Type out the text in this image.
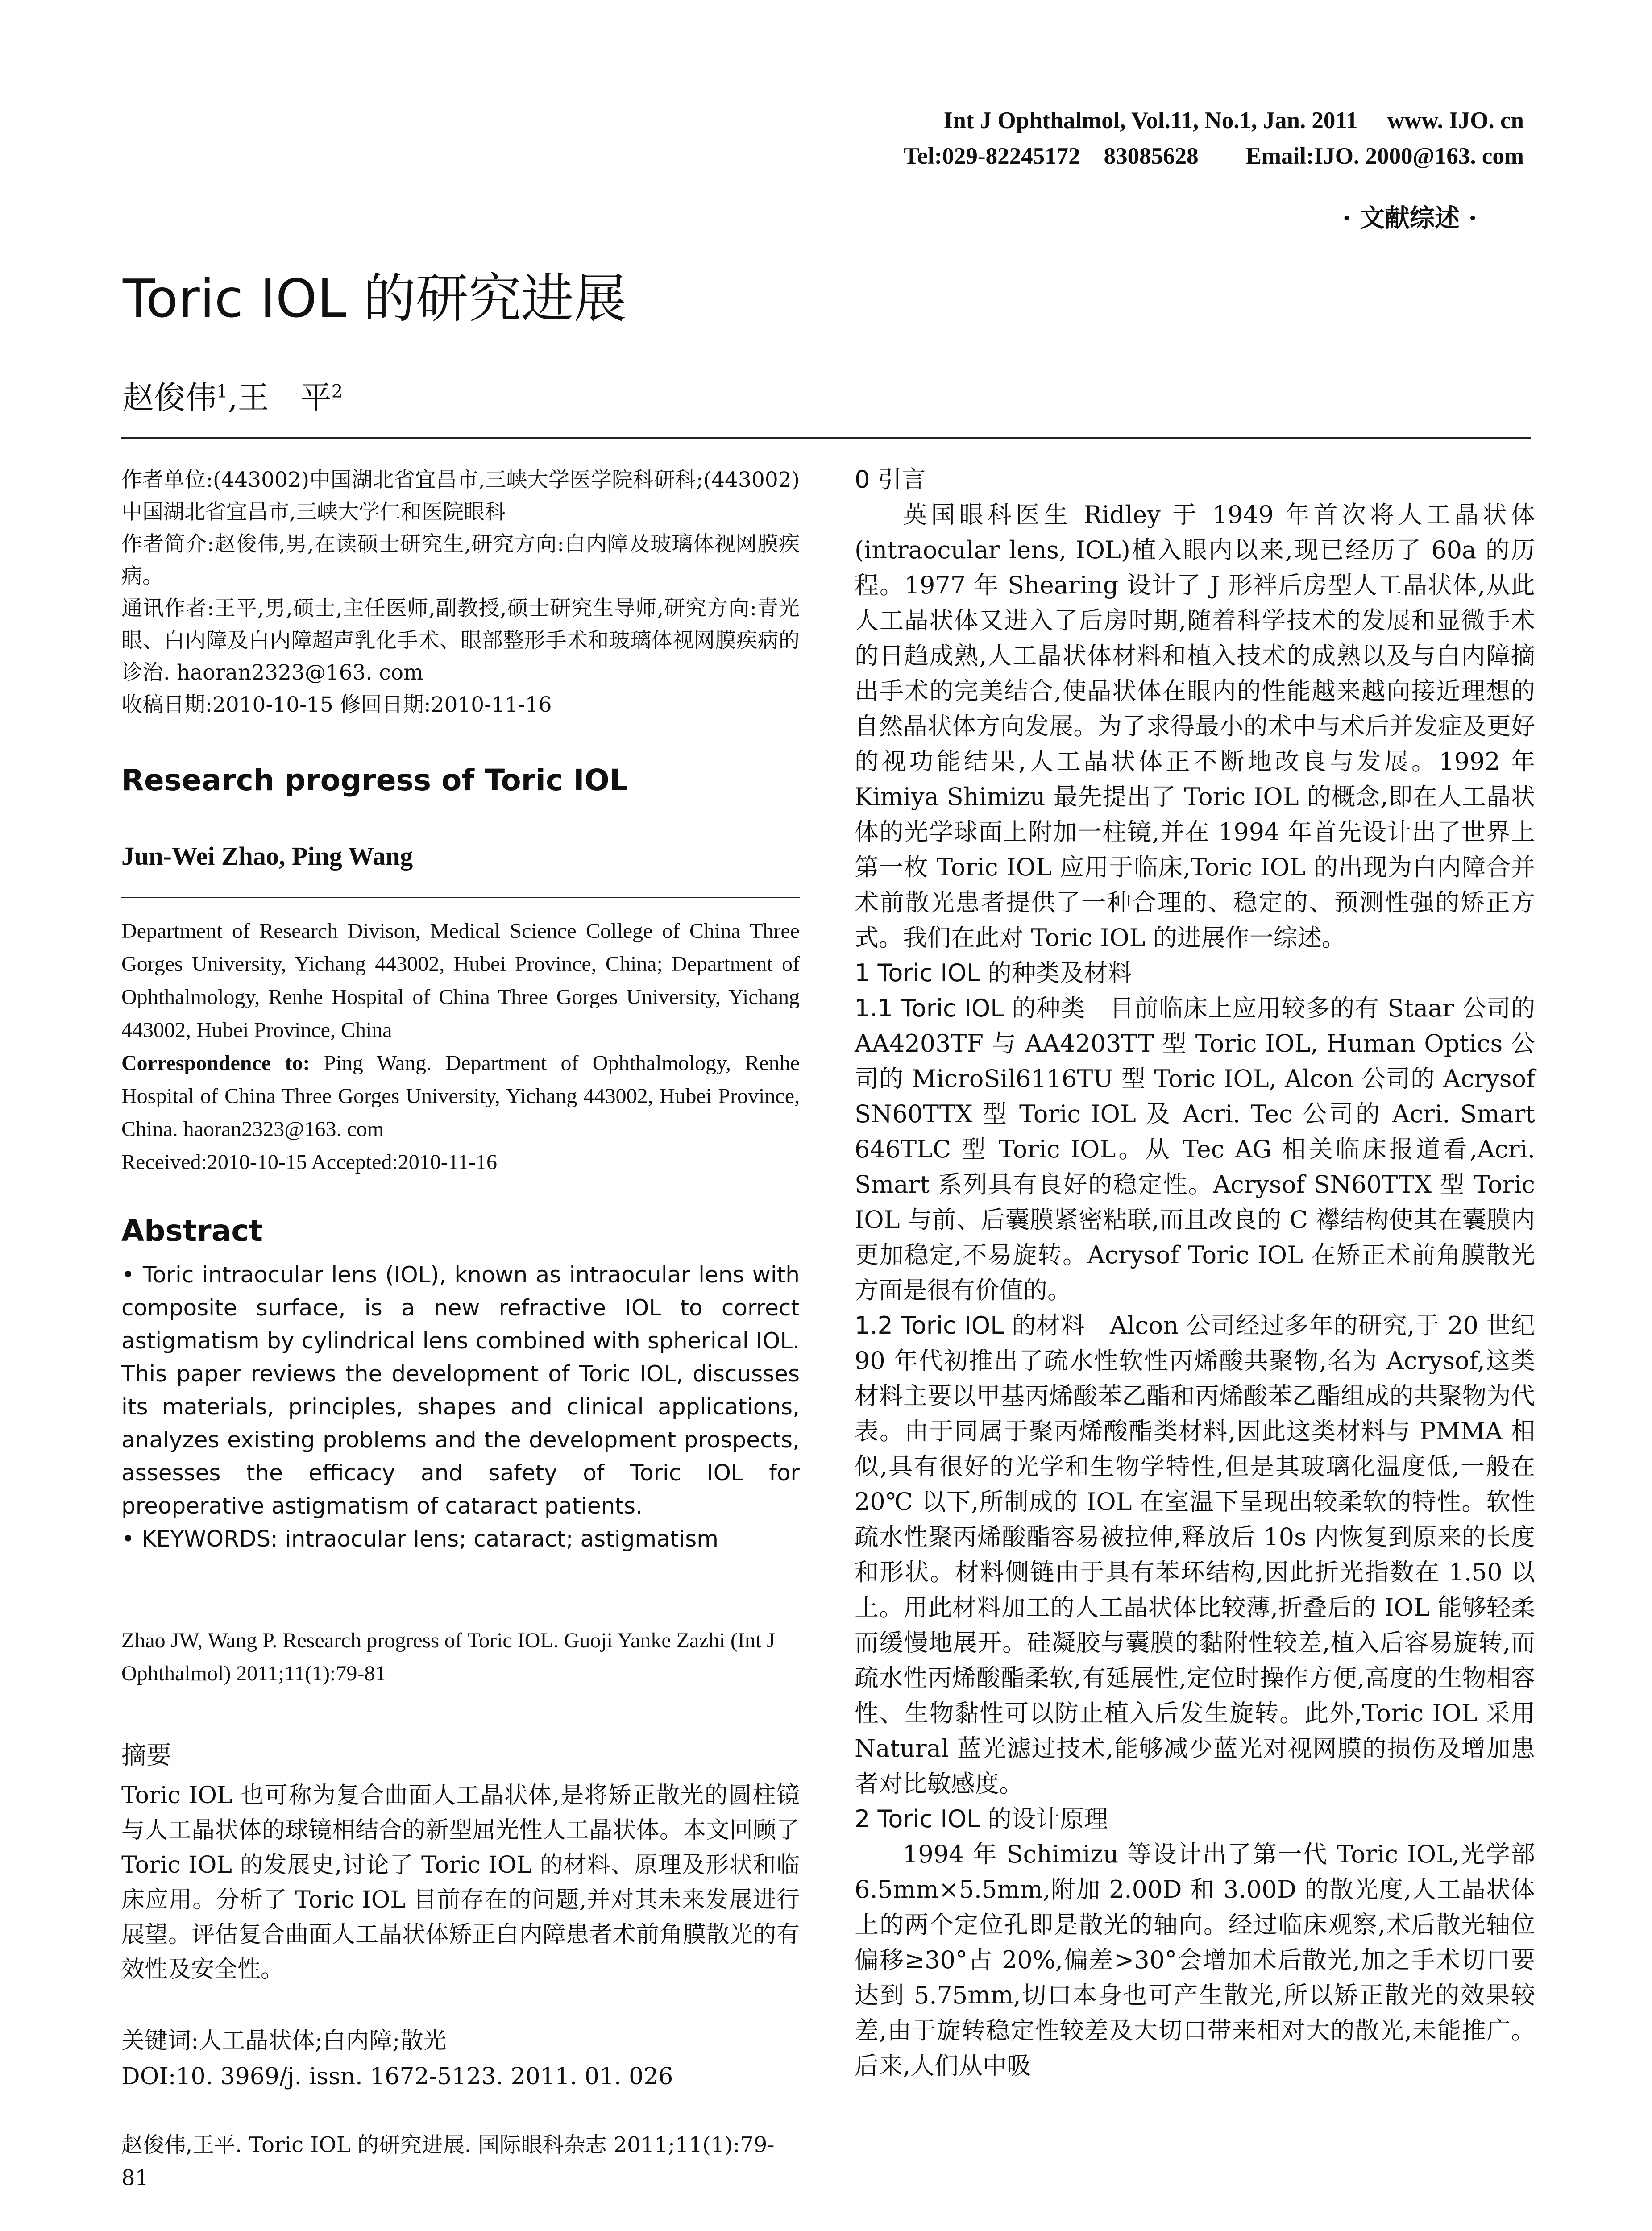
Int J Ophthalmol, Vol.11, No.1, Jan. 2011     www. IJO. cn
Tel:029-82245172    83085628        Email:IJO. 2000@163. com
· 文献综述 ·
Toric IOL 的研究进展
赵俊伟$^1$,王　平$^2$

作者单位:(443002)中国湖北省宜昌市,三峡大学医学院科研科;(443002)中国湖北省宜昌市,三峡大学仁和医院眼科

作者简介:赵俊伟,男,在读硕士研究生,研究方向:白内障及玻璃体视网膜疾病。

通讯作者:王平,男,硕士,主任医师,副教授,硕士研究生导师,研究方向:青光眼、白内障及白内障超声乳化手术、眼部整形手术和玻璃体视网膜疾病的诊治. haoran2323@163. com

收稿日期:2010-10-15 修回日期:2010-11-16

Research progress of Toric IOL
Jun-Wei Zhao, Ping Wang

Department of Research Divison, Medical Science College of China Three Gorges University, Yichang 443002, Hubei Province, China; Department of Ophthalmology, Renhe Hospital of China Three Gorges University, Yichang 443002, Hubei Province, China

Correspondence to: Ping Wang. Department of Ophthalmology, Renhe Hospital of China Three Gorges University, Yichang 443002, Hubei Province, China. haoran2323@163. com

Received:2010-10-15 Accepted:2010-11-16

Abstract

• Toric intraocular lens (IOL), known as intraocular lens with composite surface, is a new refractive IOL to correct astigmatism by cylindrical lens combined with spherical IOL. This paper reviews the development of Toric IOL, discusses its materials, principles, shapes and clinical applications, analyzes existing problems and the development prospects, assesses the efficacy and safety of Toric IOL for preoperative astigmatism of cataract patients.

• KEYWORDS: intraocular lens; cataract; astigmatism

Zhao JW, Wang P. Research progress of Toric IOL. Guoji Yanke Zazhi (Int J Ophthalmol) 2011;11(1):79-81
摘要
Toric IOL 也可称为复合曲面人工晶状体,是将矫正散光的圆柱镜与人工晶状体的球镜相结合的新型屈光性人工晶状体。本文回顾了 Toric IOL 的发展史,讨论了 Toric IOL 的材料、原理及形状和临床应用。分析了 Toric IOL 目前存在的问题,并对其未来发展进行展望。评估复合曲面人工晶状体矫正白内障患者术前角膜散光的有效性及安全性。
关键词:人工晶状体;白内障;散光
DOI:10. 3969/j. issn. 1672-5123. 2011. 01. 026
赵俊伟,王平. Toric IOL 的研究进展. 国际眼科杂志 2011;11(1):79-81

0 引言

英国眼科医生 Ridley 于 1949 年首次将人工晶状体(intraocular lens, IOL)植入眼内以来,现已经历了 60a 的历程。1977 年 Shearing 设计了 J 形袢后房型人工晶状体,从此人工晶状体又进入了后房时期,随着科学技术的发展和显微手术的日趋成熟,人工晶状体材料和植入技术的成熟以及与白内障摘出手术的完美结合,使晶状体在眼内的性能越来越向接近理想的自然晶状体方向发展。为了求得最小的术中与术后并发症及更好的视功能结果,人工晶状体正不断地改良与发展。1992 年 Kimiya Shimizu 最先提出了 Toric IOL 的概念,即在人工晶状体的光学球面上附加一柱镜,并在 1994 年首先设计出了世界上第一枚 Toric IOL 应用于临床,Toric IOL 的出现为白内障合并术前散光患者提供了一种合理的、稳定的、预测性强的矫正方式。我们在此对 Toric IOL 的进展作一综述。

1 Toric IOL 的种类及材料

1.1 Toric IOL 的种类　目前临床上应用较多的有 Staar 公司的 AA4203TF 与 AA4203TT 型 Toric IOL, Human Optics 公司的 MicroSil6116TU 型 Toric IOL, Alcon 公司的 Acrysof SN60TTX 型 Toric IOL 及 Acri. Tec 公司的 Acri. Smart 646TLC 型 Toric IOL。从 Tec AG 相关临床报道看,Acri. Smart 系列具有良好的稳定性。Acrysof SN60TTX 型 Toric IOL 与前、后囊膜紧密粘联,而且改良的 C 襻结构使其在囊膜内更加稳定,不易旋转。Acrysof Toric IOL 在矫正术前角膜散光方面是很有价值的。

1.2 Toric IOL 的材料　Alcon 公司经过多年的研究,于 20 世纪 90 年代初推出了疏水性软性丙烯酸共聚物,名为 Acrysof,这类材料主要以甲基丙烯酸苯乙酯和丙烯酸苯乙酯组成的共聚物为代表。由于同属于聚丙烯酸酯类材料,因此这类材料与 PMMA 相似,具有很好的光学和生物学特性,但是其玻璃化温度低,一般在 20℃ 以下,所制成的 IOL 在室温下呈现出较柔软的特性。软性疏水性聚丙烯酸酯容易被拉伸,释放后 10s 内恢复到原来的长度和形状。材料侧链由于具有苯环结构,因此折光指数在 1.50 以上。用此材料加工的人工晶状体比较薄,折叠后的 IOL 能够轻柔而缓慢地展开。硅凝胶与囊膜的黏附性较差,植入后容易旋转,而疏水性丙烯酸酯柔软,有延展性,定位时操作方便,高度的生物相容性、生物黏性可以防止植入后发生旋转。此外,Toric IOL 采用 Natural 蓝光滤过技术,能够减少蓝光对视网膜的损伤及增加患者对比敏感度。

2 Toric IOL 的设计原理

1994 年 Schimizu 等设计出了第一代 Toric IOL,光学部 6.5mm×5.5mm,附加 2.00D 和 3.00D 的散光度,人工晶状体上的两个定位孔即是散光的轴向。经过临床观察,术后散光轴位偏移≥30°占 20%,偏差>30°会增加术后散光,加之手术切口要达到 5.75mm,切口本身也可产生散光,所以矫正散光的效果较差,由于旋转稳定性较差及大切口带来相对大的散光,未能推广。后来,人们从中吸
